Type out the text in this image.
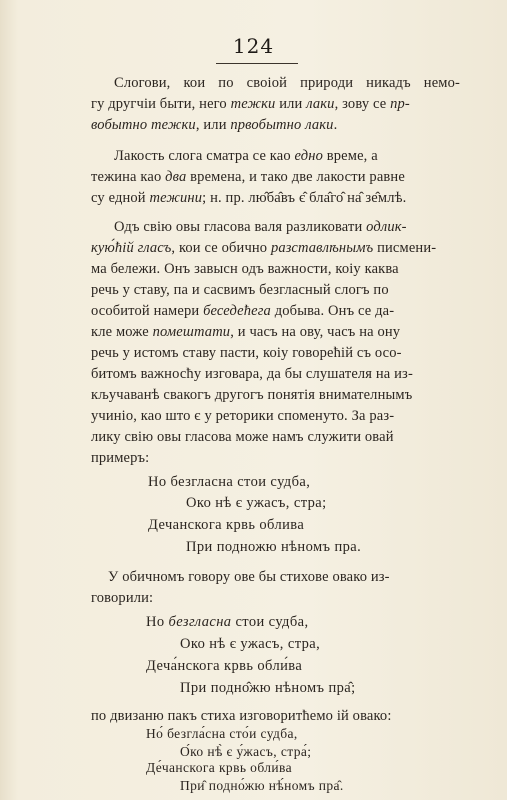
124
Слогови, кои по своіой природи никадъ немо-
гу другчіи быти, него тежки или лаки, зову се пр-
вобытно тежки, или првобытно лаки.
Лакость слога сматра се као едно време, а
тежина као два времена, и тако две лакости равне
су едной тежини; н. пр. лю̂ба̂въ є̂ бла̂го̂ на̂ зе̂млѣ.
Одъ свію овы гласова валя разликовати одлик-
кую́ћій гласъ, кои се обично разставлѣнымъ писмени-
ма бележи. Онъ завысн одъ важности, коіу каква
речь у ставу, па и сасвимъ безгласный слогъ по
особитой намери беседећега добыва. Онъ се да-
кле може помештати, и часъ на ову, часъ на ону
речь у истомъ ставу пасти, коіу говорећій съ осо-
битомъ важносћу изговара, да бы слушателя на из-
кључаванѣ свакогъ другогъ понятія внимателнымъ
учиніо, као што є у реторики споменуто. За раз-
лику свію овы гласова може намъ служити овай
примеръ:
Но безгласна стои судба,
Око нѣ є ужасъ, стра;
Дечанскога крвь облива
При подножю нѣномъ пра.
У обичномъ говору ове бы стихове овако из-
говорили:
Но безгласна стои судба,
Око нѣ є ужасъ, стра,
Деча́нскога крвь обли́ва
При подно̂жю нѣномъ пра̂;
по двизаню пакъ стиха изговоритћемо ій овако:
Но́ безгла́сна сто́и судба,
О́ко нѣ̀ є у́жасъ, стра́;
Де́чанскога крвь обли́ва
При̂ подно́жю нѣ́номъ пра̂.
